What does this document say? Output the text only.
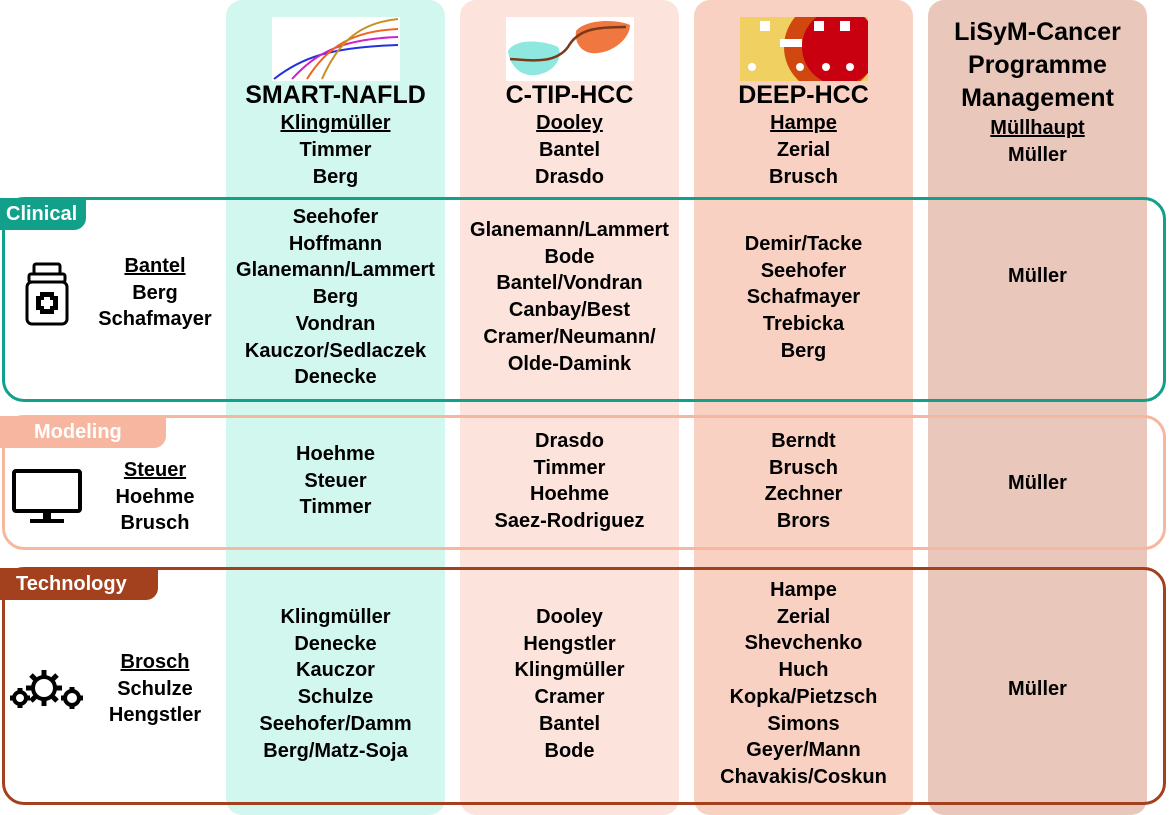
SMART-NAFLD
Klingmüller
Timmer
Berg
C-TIP-HCC
Dooley
Bantel
Drasdo
DEEP-HCC
Hampe
Zerial
Brusch
LiSyM-Cancer
Programme
Management
Müllhaupt
Müller
Clinical
Modeling
Technology
Bantel
Berg
Schafmayer
Steuer
Hoehme
Brusch
Brosch
Schulze
Hengstler
Seehofer
Hoffmann
Glanemann/Lammert
Berg
Vondran
Kauczor/Sedlaczek
Denecke
Glanemann/Lammert
Bode
Bantel/Vondran
Canbay/Best
Cramer/Neumann/
Olde-Damink
Demir/Tacke
Seehofer
Schafmayer
Trebicka
Berg
Müller
Hoehme
Steuer
Timmer
Drasdo
Timmer
Hoehme
Saez-Rodriguez
Berndt
Brusch
Zechner
Brors
Müller
Klingmüller
Denecke
Kauczor
Schulze
Seehofer/Damm
Berg/Matz-Soja
Dooley
Hengstler
Klingmüller
Cramer
Bantel
Bode
Hampe
Zerial
Shevchenko
Huch
Kopka/Pietzsch
Simons
Geyer/Mann
Chavakis/Coskun
Müller
